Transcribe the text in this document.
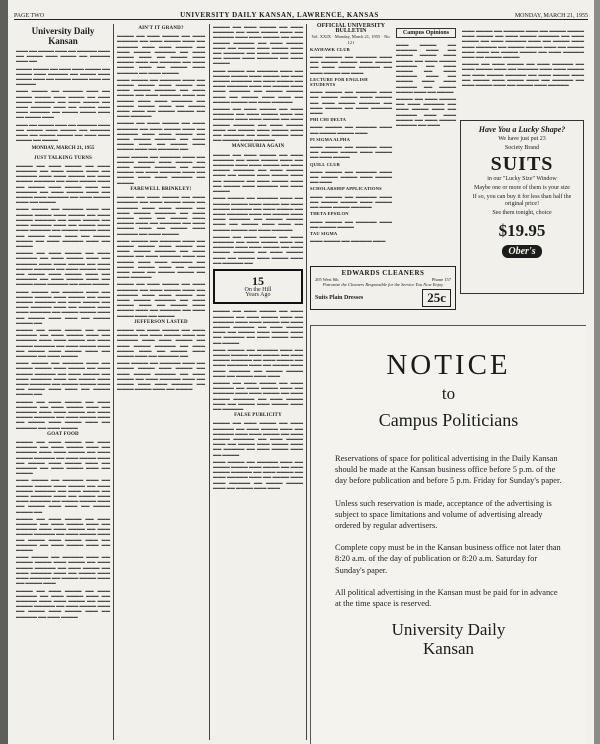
PAGE TWO	UNIVERSITY DAILY KANSAN, LAWRENCE, KANSAS	MONDAY, MARCH 21, 1955
University Daily Kansan

▬▬▬ ▬▬ ▬▬▬▬ ▬▬▬ ▬▬ ▬▬▬▬▬ ▬▬▬ ▬▬ ▬▬▬▬ ▬▬▬ ▬▬▬▬ ▬▬ ▬▬▬▬▬ ▬▬▬ ▬▬

▬▬▬▬ ▬▬▬▬ ▬▬ ▬▬▬ ▬▬▬ ▬▬▬▬ ▬▬ ▬▬▬▬ ▬▬▬ ▬▬▬▬▬ ▬▬ ▬▬▬▬ ▬▬▬ ▬▬▬▬ ▬▬▬ ▬▬ ▬▬▬▬ ▬▬▬▬ ▬▬▬ ▬▬ ▬▬▬▬▬

▬▬▬ ▬▬▬▬ ▬▬ ▬▬▬▬▬ ▬▬▬ ▬▬ ▬▬▬▬ ▬▬▬▬ ▬▬▬ ▬▬▬▬ ▬▬ ▬▬▬ ▬▬▬▬ ▬▬▬▬▬ ▬▬ ▬▬▬ ▬▬▬▬ ▬▬ ▬▬▬ ▬▬▬▬▬ ▬▬▬ ▬▬ ▬▬▬▬ ▬▬▬ ▬▬▬ ▬▬▬▬▬ ▬▬ ▬▬▬▬ ▬▬▬▬ ▬▬▬ ▬▬ ▬▬▬▬ ▬▬▬

▬▬▬ ▬▬ ▬▬▬▬ ▬▬▬ ▬▬ ▬▬▬▬▬ ▬▬▬ ▬▬ ▬▬▬▬ ▬▬▬ ▬▬▬▬ ▬▬ ▬▬▬▬▬ ▬▬▬ ▬▬ ▬▬▬▬ ▬▬▬▬ ▬▬ ▬▬▬ ▬▬▬ ▬▬▬▬ ▬▬ ▬▬▬▬

MONDAY, MARCH 21, 1955
JUST TALKING TURNS

▬▬▬▬ ▬▬ ▬▬▬ ▬▬▬▬ ▬▬ ▬▬▬ ▬▬▬▬▬ ▬▬ ▬▬▬ ▬▬▬▬ ▬▬▬ ▬▬ ▬▬▬▬▬ ▬▬▬ ▬▬▬ ▬▬▬▬ ▬▬ ▬▬▬ ▬▬▬▬ ▬▬▬▬▬ ▬▬ ▬▬▬ ▬▬▬▬ ▬▬▬ ▬▬ ▬▬▬▬ ▬▬▬ ▬▬▬▬ ▬▬▬ ▬▬ ▬▬▬▬▬ ▬▬ ▬▬▬ ▬▬▬▬ ▬▬▬ ▬▬ ▬▬▬▬ ▬▬▬ ▬▬▬▬▬ ▬▬ ▬▬▬ ▬▬▬▬ ▬▬▬ ▬▬ ▬▬▬▬

▬▬▬ ▬▬▬▬ ▬▬ ▬▬▬▬▬ ▬▬▬ ▬▬ ▬▬▬▬ ▬▬▬▬ ▬▬▬ ▬▬▬▬ ▬▬ ▬▬▬ ▬▬▬▬ ▬▬▬▬▬ ▬▬ ▬▬▬ ▬▬▬▬ ▬▬ ▬▬▬ ▬▬▬▬▬ ▬▬▬ ▬▬ ▬▬▬▬ ▬▬▬ ▬▬▬ ▬▬▬▬▬ ▬▬ ▬▬▬▬ ▬▬▬▬ ▬▬▬ ▬▬ ▬▬▬▬ ▬▬▬ ▬▬▬ ▬▬ ▬▬▬▬ ▬▬▬▬ ▬▬ ▬▬▬ ▬▬▬▬▬ ▬▬▬ ▬▬ ▬▬▬▬

▬▬▬▬ ▬▬ ▬▬▬ ▬▬▬▬ ▬▬ ▬▬▬ ▬▬▬▬▬ ▬▬ ▬▬▬ ▬▬▬▬ ▬▬▬ ▬▬ ▬▬▬▬▬ ▬▬▬ ▬▬▬ ▬▬▬▬ ▬▬ ▬▬▬ ▬▬▬▬ ▬▬▬▬▬ ▬▬ ▬▬▬ ▬▬▬▬ ▬▬▬ ▬▬ ▬▬▬▬ ▬▬▬ ▬▬▬▬ ▬▬▬ ▬▬ ▬▬▬▬▬ ▬▬ ▬▬▬ ▬▬▬▬ ▬▬▬ ▬▬ ▬▬▬▬ ▬▬▬ ▬▬▬▬▬ ▬▬ ▬▬▬ ▬▬▬▬

▬▬▬ ▬▬▬▬ ▬▬ ▬▬▬▬▬ ▬▬▬ ▬▬ ▬▬▬▬ ▬▬▬▬ ▬▬▬ ▬▬▬▬ ▬▬ ▬▬▬ ▬▬▬▬ ▬▬▬▬▬ ▬▬ ▬▬▬ ▬▬▬▬ ▬▬ ▬▬▬ ▬▬▬▬▬ ▬▬▬ ▬▬ ▬▬▬▬ ▬▬▬ ▬▬▬ ▬▬▬▬▬ ▬▬ ▬▬▬▬ ▬▬▬▬ ▬▬▬ ▬▬ ▬▬▬▬ ▬▬▬ ▬▬▬ ▬▬ ▬▬▬▬ ▬▬▬▬ ▬▬

▬▬▬▬ ▬▬ ▬▬▬ ▬▬▬▬ ▬▬ ▬▬▬ ▬▬▬▬▬ ▬▬ ▬▬▬ ▬▬▬▬ ▬▬▬ ▬▬ ▬▬▬▬▬ ▬▬▬ ▬▬▬ ▬▬▬▬ ▬▬ ▬▬▬ ▬▬▬▬ ▬▬▬▬▬ ▬▬ ▬▬▬ ▬▬▬▬ ▬▬▬ ▬▬ ▬▬▬▬ ▬▬▬ ▬▬▬▬ ▬▬▬ ▬▬ ▬▬▬▬▬ ▬▬ ▬▬▬ ▬▬▬▬

▬▬▬ ▬▬▬▬ ▬▬ ▬▬▬▬▬ ▬▬▬ ▬▬ ▬▬▬▬ ▬▬▬▬ ▬▬▬ ▬▬▬▬ ▬▬ ▬▬▬ ▬▬▬▬ ▬▬▬▬▬ ▬▬ ▬▬▬ ▬▬▬▬ ▬▬ ▬▬▬ ▬▬▬▬▬ ▬▬▬ ▬▬ ▬▬▬▬ ▬▬▬ ▬▬▬ ▬▬▬▬▬ ▬▬ ▬▬▬▬ ▬▬▬▬ ▬▬▬ ▬▬ ▬▬▬▬ ▬▬▬ ▬▬▬ ▬▬ ▬▬▬▬ ▬▬▬▬ ▬▬

▬▬▬▬ ▬▬ ▬▬▬ ▬▬▬▬ ▬▬ ▬▬▬ ▬▬▬▬▬ ▬▬ ▬▬▬ ▬▬▬▬ ▬▬▬ ▬▬ ▬▬▬▬▬ ▬▬▬ ▬▬▬ ▬▬▬▬ ▬▬ ▬▬▬ ▬▬▬▬ ▬▬▬▬▬ ▬▬ ▬▬▬ ▬▬▬▬ ▬▬▬ ▬▬ ▬▬▬▬ ▬▬▬ ▬▬▬▬ ▬▬▬ ▬▬ ▬▬▬▬▬ ▬▬ ▬▬▬ ▬▬▬▬

GOAT FOOD

▬▬▬▬ ▬▬ ▬▬▬ ▬▬▬▬ ▬▬ ▬▬▬ ▬▬▬▬▬ ▬▬ ▬▬▬ ▬▬▬▬ ▬▬▬ ▬▬ ▬▬▬▬▬ ▬▬▬ ▬▬▬ ▬▬▬▬ ▬▬ ▬▬▬ ▬▬▬▬ ▬▬▬▬▬ ▬▬ ▬▬▬ ▬▬▬▬ ▬▬▬ ▬▬ ▬▬▬▬ ▬▬▬ ▬▬▬▬ ▬▬▬ ▬▬ ▬▬▬▬▬ ▬▬ ▬▬▬ ▬▬▬▬ ▬▬▬ ▬▬ ▬▬▬▬

▬▬▬ ▬▬▬▬ ▬▬ ▬▬▬▬▬ ▬▬▬ ▬▬ ▬▬▬▬ ▬▬▬▬ ▬▬▬ ▬▬▬▬ ▬▬ ▬▬▬ ▬▬▬▬ ▬▬▬▬▬ ▬▬ ▬▬▬ ▬▬▬▬ ▬▬ ▬▬▬ ▬▬▬▬▬ ▬▬▬ ▬▬ ▬▬▬▬ ▬▬▬ ▬▬▬ ▬▬▬▬▬ ▬▬ ▬▬▬▬ ▬▬▬▬ ▬▬▬ ▬▬ ▬▬▬▬ ▬▬▬ ▬▬▬ ▬▬ ▬▬▬▬ ▬▬▬▬ ▬▬

▬▬▬▬ ▬▬ ▬▬▬ ▬▬▬▬ ▬▬ ▬▬▬ ▬▬▬▬▬ ▬▬ ▬▬▬ ▬▬▬▬ ▬▬▬ ▬▬ ▬▬▬▬▬ ▬▬▬ ▬▬▬ ▬▬▬▬ ▬▬ ▬▬▬ ▬▬▬▬ ▬▬▬▬▬ ▬▬ ▬▬▬ ▬▬▬▬ ▬▬▬ ▬▬ ▬▬▬▬ ▬▬▬ ▬▬▬▬ ▬▬▬ ▬▬ ▬▬▬▬▬ ▬▬ ▬▬▬ ▬▬▬▬ ▬▬▬ ▬▬ ▬▬▬▬

▬▬▬ ▬▬▬▬ ▬▬ ▬▬▬▬▬ ▬▬▬ ▬▬ ▬▬▬▬ ▬▬▬▬ ▬▬▬ ▬▬▬▬ ▬▬ ▬▬▬ ▬▬▬▬ ▬▬▬▬▬ ▬▬ ▬▬▬ ▬▬▬▬ ▬▬ ▬▬▬ ▬▬▬▬▬ ▬▬▬ ▬▬ ▬▬▬▬ ▬▬▬ ▬▬▬ ▬▬▬▬▬ ▬▬ ▬▬▬▬ ▬▬▬▬ ▬▬▬ ▬▬ ▬▬▬▬ ▬▬▬

▬▬▬▬ ▬▬ ▬▬▬ ▬▬▬▬ ▬▬ ▬▬▬ ▬▬▬▬▬ ▬▬ ▬▬▬ ▬▬▬▬ ▬▬▬ ▬▬ ▬▬▬▬▬ ▬▬▬ ▬▬▬ ▬▬▬▬ ▬▬ ▬▬▬ ▬▬▬▬ ▬▬▬▬▬ ▬▬ ▬▬▬ ▬▬▬▬ ▬▬▬ ▬▬ ▬▬▬▬ ▬▬▬ ▬▬▬▬ ▬▬▬ ▬▬ ▬▬▬▬▬ ▬▬ ▬▬▬ ▬▬▬▬

AIN'T IT GRAND?

▬▬▬▬ ▬▬ ▬▬▬ ▬▬▬▬ ▬▬ ▬▬▬ ▬▬▬▬▬ ▬▬ ▬▬▬ ▬▬▬▬ ▬▬▬ ▬▬ ▬▬▬▬▬ ▬▬▬ ▬▬▬ ▬▬▬▬ ▬▬ ▬▬▬ ▬▬▬▬ ▬▬▬▬▬ ▬▬ ▬▬▬ ▬▬▬▬ ▬▬▬ ▬▬ ▬▬▬▬ ▬▬▬ ▬▬▬▬ ▬▬▬ ▬▬ ▬▬▬▬▬ ▬▬ ▬▬▬ ▬▬▬▬ ▬▬▬ ▬▬ ▬▬▬▬ ▬▬▬ ▬▬▬▬▬ ▬▬ ▬▬▬ ▬▬▬▬

▬▬▬ ▬▬▬▬ ▬▬ ▬▬▬▬▬ ▬▬▬ ▬▬ ▬▬▬▬ ▬▬▬▬ ▬▬▬ ▬▬▬▬ ▬▬ ▬▬▬ ▬▬▬▬ ▬▬▬▬▬ ▬▬ ▬▬▬ ▬▬▬▬ ▬▬ ▬▬▬ ▬▬▬▬▬ ▬▬▬ ▬▬ ▬▬▬▬ ▬▬▬ ▬▬▬ ▬▬▬▬▬ ▬▬ ▬▬▬▬ ▬▬▬▬ ▬▬▬ ▬▬ ▬▬▬▬ ▬▬▬ ▬▬▬ ▬▬ ▬▬▬▬ ▬▬▬▬ ▬▬ ▬▬▬ ▬▬▬▬▬

▬▬▬▬ ▬▬ ▬▬▬ ▬▬▬▬ ▬▬ ▬▬▬ ▬▬▬▬▬ ▬▬ ▬▬▬ ▬▬▬▬ ▬▬▬ ▬▬ ▬▬▬▬▬ ▬▬▬ ▬▬▬ ▬▬▬▬ ▬▬ ▬▬▬ ▬▬▬▬ ▬▬▬▬▬ ▬▬ ▬▬▬ ▬▬▬▬ ▬▬▬ ▬▬ ▬▬▬▬ ▬▬▬ ▬▬▬▬ ▬▬▬ ▬▬ ▬▬▬▬▬ ▬▬

▬▬▬ ▬▬▬▬ ▬▬ ▬▬▬▬▬ ▬▬▬ ▬▬ ▬▬▬▬ ▬▬▬▬ ▬▬▬ ▬▬▬▬ ▬▬ ▬▬▬ ▬▬▬▬ ▬▬▬▬▬ ▬▬ ▬▬▬ ▬▬▬▬ ▬▬ ▬▬▬ ▬▬▬▬▬ ▬▬▬ ▬▬ ▬▬▬▬ ▬▬▬ ▬▬▬ ▬▬▬▬▬ ▬▬ ▬▬▬▬

FAREWELL BRINKLEY!

▬▬▬▬ ▬▬ ▬▬▬ ▬▬▬▬ ▬▬ ▬▬▬ ▬▬▬▬▬ ▬▬ ▬▬▬ ▬▬▬▬ ▬▬▬ ▬▬ ▬▬▬▬▬ ▬▬▬ ▬▬▬ ▬▬▬▬ ▬▬ ▬▬▬ ▬▬▬▬ ▬▬▬▬▬ ▬▬ ▬▬▬ ▬▬▬▬ ▬▬▬ ▬▬ ▬▬▬▬ ▬▬▬ ▬▬▬▬ ▬▬▬ ▬▬ ▬▬▬▬▬ ▬▬ ▬▬▬ ▬▬▬▬ ▬▬▬ ▬▬ ▬▬▬▬ ▬▬▬ ▬▬▬▬▬ ▬▬ ▬▬▬ ▬▬▬▬

▬▬▬ ▬▬▬▬ ▬▬ ▬▬▬▬▬ ▬▬▬ ▬▬ ▬▬▬▬ ▬▬▬▬ ▬▬▬ ▬▬▬▬ ▬▬ ▬▬▬ ▬▬▬▬ ▬▬▬▬▬ ▬▬ ▬▬▬ ▬▬▬▬ ▬▬ ▬▬▬ ▬▬▬▬▬ ▬▬▬ ▬▬ ▬▬▬▬ ▬▬▬ ▬▬▬ ▬▬▬▬▬ ▬▬ ▬▬▬▬ ▬▬▬▬ ▬▬▬ ▬▬ ▬▬▬▬ ▬▬▬ ▬▬▬ ▬▬ ▬▬▬▬ ▬▬▬▬ ▬▬ ▬▬▬ ▬▬▬▬▬

▬▬▬▬ ▬▬ ▬▬▬ ▬▬▬▬ ▬▬ ▬▬▬ ▬▬▬▬▬ ▬▬ ▬▬▬ ▬▬▬▬ ▬▬▬ ▬▬ ▬▬▬▬▬ ▬▬▬ ▬▬▬ ▬▬▬▬ ▬▬ ▬▬▬ ▬▬▬▬ ▬▬▬▬▬ ▬▬ ▬▬▬ ▬▬▬▬ ▬▬▬ ▬▬ ▬▬▬▬ ▬▬▬ ▬▬▬▬ ▬▬▬ ▬▬ ▬▬▬▬▬ ▬▬ ▬▬▬ ▬▬▬▬ ▬▬▬ ▬▬ ▬▬▬▬

JEFFERSON LASTED

▬▬▬▬ ▬▬ ▬▬▬ ▬▬▬▬ ▬▬ ▬▬▬ ▬▬▬▬▬ ▬▬ ▬▬▬ ▬▬▬▬ ▬▬▬ ▬▬ ▬▬▬▬▬ ▬▬▬ ▬▬▬ ▬▬▬▬ ▬▬ ▬▬▬ ▬▬▬▬ ▬▬▬▬▬ ▬▬ ▬▬▬ ▬▬▬▬ ▬▬▬ ▬▬ ▬▬▬▬ ▬▬▬ ▬▬▬▬ ▬▬▬ ▬▬ ▬▬▬▬▬ ▬▬

▬▬▬ ▬▬▬▬ ▬▬ ▬▬▬▬▬ ▬▬▬ ▬▬ ▬▬▬▬ ▬▬▬▬ ▬▬▬ ▬▬▬▬ ▬▬ ▬▬▬ ▬▬▬▬ ▬▬▬▬▬ ▬▬ ▬▬▬ ▬▬▬▬ ▬▬ ▬▬▬ ▬▬▬▬▬ ▬▬▬ ▬▬ ▬▬▬▬ ▬▬▬ ▬▬▬ ▬▬▬▬▬ ▬▬ ▬▬▬▬ ▬▬▬▬ ▬▬▬ ▬▬ ▬▬▬▬

▬▬▬▬ ▬▬ ▬▬▬ ▬▬▬▬ ▬▬ ▬▬▬ ▬▬▬▬▬ ▬▬ ▬▬▬ ▬▬▬▬ ▬▬▬ ▬▬ ▬▬▬▬▬ ▬▬▬ ▬▬▬ ▬▬▬▬ ▬▬ ▬▬▬ ▬▬▬▬ ▬▬▬▬▬ ▬▬ ▬▬▬ ▬▬▬▬ ▬▬▬ ▬▬ ▬▬▬▬ ▬▬▬ ▬▬▬▬ ▬▬▬ ▬▬ ▬▬▬▬▬ ▬▬ ▬▬▬ ▬▬▬▬ ▬▬▬ ▬▬ ▬▬▬▬ ▬▬▬ ▬▬▬▬▬ ▬▬ ▬▬▬ ▬▬▬▬

▬▬▬ ▬▬▬▬ ▬▬ ▬▬▬▬▬ ▬▬▬ ▬▬ ▬▬▬▬ ▬▬▬▬ ▬▬▬ ▬▬▬▬ ▬▬ ▬▬▬ ▬▬▬▬ ▬▬▬▬▬ ▬▬ ▬▬▬ ▬▬▬▬ ▬▬ ▬▬▬ ▬▬▬▬▬ ▬▬▬ ▬▬ ▬▬▬▬ ▬▬▬ ▬▬▬ ▬▬▬▬▬ ▬▬ ▬▬▬▬ ▬▬▬▬ ▬▬▬ ▬▬ ▬▬▬▬ ▬▬▬ ▬▬▬ ▬▬ ▬▬▬▬ ▬▬▬▬ ▬▬ ▬▬▬ ▬▬▬▬▬

▬▬▬▬ ▬▬ ▬▬▬ ▬▬▬▬ ▬▬ ▬▬▬ ▬▬▬▬▬ ▬▬ ▬▬▬ ▬▬▬▬ ▬▬▬ ▬▬ ▬▬▬▬▬ ▬▬▬ ▬▬▬ ▬▬▬▬ ▬▬ ▬▬▬ ▬▬▬▬ ▬▬▬▬▬ ▬▬ ▬▬▬ ▬▬▬▬ ▬▬▬ ▬▬ ▬▬▬▬ ▬▬▬ ▬▬▬▬ ▬▬▬ ▬▬ ▬▬▬▬▬ ▬▬ ▬▬▬ ▬▬▬▬ ▬▬▬ ▬▬ ▬▬▬▬ ▬▬▬ ▬▬▬▬▬

MANCHURIA AGAIN

▬▬▬▬ ▬▬ ▬▬▬ ▬▬▬▬ ▬▬ ▬▬▬ ▬▬▬▬▬ ▬▬ ▬▬▬ ▬▬▬▬ ▬▬▬ ▬▬ ▬▬▬▬▬ ▬▬▬ ▬▬▬ ▬▬▬▬ ▬▬ ▬▬▬ ▬▬▬▬ ▬▬▬▬▬ ▬▬ ▬▬▬ ▬▬▬▬ ▬▬▬ ▬▬ ▬▬▬▬ ▬▬▬ ▬▬▬▬ ▬▬▬ ▬▬ ▬▬▬▬▬ ▬▬ ▬▬▬ ▬▬▬▬ ▬▬▬ ▬▬ ▬▬▬▬ ▬▬▬ ▬▬▬▬▬ ▬▬ ▬▬▬ ▬▬▬▬

▬▬▬ ▬▬▬▬ ▬▬ ▬▬▬▬▬ ▬▬▬ ▬▬ ▬▬▬▬ ▬▬▬▬ ▬▬▬ ▬▬▬▬ ▬▬ ▬▬▬ ▬▬▬▬ ▬▬▬▬▬ ▬▬ ▬▬▬ ▬▬▬▬ ▬▬ ▬▬▬ ▬▬▬▬▬ ▬▬▬ ▬▬ ▬▬▬▬ ▬▬▬ ▬▬▬ ▬▬▬▬▬ ▬▬ ▬▬▬▬ ▬▬▬▬ ▬▬▬ ▬▬ ▬▬▬▬ ▬▬▬ ▬▬▬ ▬▬ ▬▬▬▬ ▬▬▬▬ ▬▬ ▬▬▬ ▬▬▬▬▬

▬▬▬▬ ▬▬ ▬▬▬ ▬▬▬▬ ▬▬ ▬▬▬ ▬▬▬▬▬ ▬▬ ▬▬▬ ▬▬▬▬ ▬▬▬ ▬▬ ▬▬▬▬▬ ▬▬▬ ▬▬▬ ▬▬▬▬ ▬▬ ▬▬▬ ▬▬▬▬ ▬▬▬▬▬ ▬▬ ▬▬▬ ▬▬▬▬ ▬▬▬ ▬▬ ▬▬▬▬ ▬▬▬ ▬▬▬▬ ▬▬▬ ▬▬ ▬▬▬▬▬ ▬▬

15
On the Hill
Years Ago

▬▬▬▬ ▬▬ ▬▬▬ ▬▬▬▬ ▬▬ ▬▬▬ ▬▬▬▬▬ ▬▬ ▬▬▬ ▬▬▬▬ ▬▬▬ ▬▬ ▬▬▬▬▬ ▬▬▬ ▬▬▬ ▬▬▬▬ ▬▬ ▬▬▬ ▬▬▬▬ ▬▬▬▬▬ ▬▬ ▬▬▬ ▬▬▬▬ ▬▬▬ ▬▬ ▬▬▬▬ ▬▬▬ ▬▬▬▬ ▬▬▬ ▬▬ ▬▬▬▬▬ ▬▬ ▬▬▬ ▬▬▬▬ ▬▬▬ ▬▬ ▬▬▬▬

▬▬▬ ▬▬▬▬ ▬▬ ▬▬▬▬▬ ▬▬▬ ▬▬ ▬▬▬▬ ▬▬▬▬ ▬▬▬ ▬▬▬▬ ▬▬ ▬▬▬ ▬▬▬▬ ▬▬▬▬▬ ▬▬ ▬▬▬ ▬▬▬▬ ▬▬ ▬▬▬ ▬▬▬▬▬ ▬▬▬ ▬▬ ▬▬▬▬ ▬▬▬ ▬▬▬ ▬▬▬▬▬ ▬▬ ▬▬▬▬ ▬▬▬▬ ▬▬▬ ▬▬ ▬▬▬▬ ▬▬▬ ▬▬▬

▬▬▬▬ ▬▬ ▬▬▬ ▬▬▬▬ ▬▬ ▬▬▬ ▬▬▬▬▬ ▬▬ ▬▬▬ ▬▬▬▬ ▬▬▬ ▬▬ ▬▬▬▬▬ ▬▬▬ ▬▬▬ ▬▬▬▬ ▬▬ ▬▬▬ ▬▬▬▬ ▬▬▬▬▬ ▬▬ ▬▬▬ ▬▬▬▬ ▬▬▬ ▬▬ ▬▬▬▬ ▬▬▬ ▬▬▬▬ ▬▬▬ ▬▬ ▬▬▬▬▬

FALSE PUBLICITY

▬▬▬▬ ▬▬ ▬▬▬ ▬▬▬▬ ▬▬ ▬▬▬ ▬▬▬▬▬ ▬▬ ▬▬▬ ▬▬▬▬ ▬▬▬ ▬▬ ▬▬▬▬▬ ▬▬▬ ▬▬▬ ▬▬▬▬ ▬▬ ▬▬▬ ▬▬▬▬ ▬▬▬▬▬ ▬▬ ▬▬▬ ▬▬▬▬ ▬▬▬ ▬▬ ▬▬▬▬ ▬▬▬ ▬▬▬▬ ▬▬▬ ▬▬ ▬▬▬▬▬ ▬▬ ▬▬▬ ▬▬▬▬ ▬▬▬ ▬▬ ▬▬▬▬

▬▬▬ ▬▬▬▬ ▬▬ ▬▬▬▬▬ ▬▬▬ ▬▬ ▬▬▬▬ ▬▬▬▬ ▬▬▬ ▬▬▬▬ ▬▬ ▬▬▬ ▬▬▬▬ ▬▬▬▬▬ ▬▬ ▬▬▬ ▬▬▬▬ ▬▬ ▬▬▬ ▬▬▬▬▬ ▬▬▬ ▬▬ ▬▬▬▬ ▬▬▬ ▬▬▬ ▬▬▬▬▬ ▬▬ ▬▬▬▬ ▬▬▬▬ ▬▬▬ ▬▬ ▬▬▬▬ ▬▬▬ ▬▬▬

OFFICIAL UNIVERSITY BULLETIN
Vol. XXIX · Monday, March 21, 1955 · No. 121
KAYHAWK CLUB

▬▬▬ ▬▬▬▬ ▬▬ ▬▬▬▬▬ ▬▬▬ ▬▬ ▬▬▬▬ ▬▬▬▬ ▬▬▬ ▬▬▬▬ ▬▬ ▬▬▬ ▬▬▬▬ ▬▬▬▬▬ ▬▬ ▬▬▬ ▬▬▬▬ ▬▬ ▬▬▬

LECTURE FOR ENGLISH STUDENTS

▬▬▬ ▬▬▬▬ ▬▬ ▬▬▬▬▬ ▬▬▬ ▬▬ ▬▬▬▬ ▬▬▬▬ ▬▬▬ ▬▬▬▬ ▬▬ ▬▬▬ ▬▬▬▬ ▬▬▬▬▬ ▬▬ ▬▬▬ ▬▬▬▬ ▬▬ ▬▬▬ ▬▬▬▬▬ ▬▬▬

PHI CHI DELTA

▬▬▬ ▬▬▬▬ ▬▬ ▬▬▬▬▬ ▬▬▬ ▬▬ ▬▬▬▬ ▬▬▬▬ ▬▬▬

PI SIGMA ALPHA

▬▬▬ ▬▬▬▬ ▬▬ ▬▬▬▬▬ ▬▬▬ ▬▬ ▬▬▬▬ ▬▬▬▬ ▬▬▬ ▬▬▬▬ ▬▬ ▬▬▬ ▬▬▬▬

QUILL CLUB

▬▬▬ ▬▬▬▬ ▬▬ ▬▬▬▬▬ ▬▬▬ ▬▬ ▬▬▬▬ ▬▬▬▬ ▬▬▬ ▬▬▬▬ ▬▬ ▬▬▬

SCHOLARSHIP APPLICATIONS

▬▬▬ ▬▬▬▬ ▬▬ ▬▬▬▬▬ ▬▬▬ ▬▬ ▬▬▬▬ ▬▬▬▬ ▬▬▬ ▬▬▬▬ ▬▬ ▬▬▬ ▬▬▬▬ ▬▬▬▬▬

THETA EPSILON

▬▬▬ ▬▬▬▬ ▬▬ ▬▬▬▬▬ ▬▬▬ ▬▬ ▬▬▬▬ ▬▬▬▬

TAU SIGMA

▬▬▬ ▬▬▬▬ ▬▬ ▬▬▬▬▬ ▬▬▬

Campus Opinions

▬▬▬ ▬▬▬▬ ▬▬ ▬▬▬▬▬ ▬▬▬ ▬▬ ▬▬▬▬ ▬▬▬▬ ▬▬▬ ▬▬▬▬ ▬▬ ▬▬▬ ▬▬▬▬ ▬▬▬▬▬ ▬▬ ▬▬▬ ▬▬▬▬ ▬▬ ▬▬▬ ▬▬▬▬▬ ▬▬▬ ▬▬ ▬▬▬▬ ▬▬▬ ▬▬▬ ▬▬▬▬▬ ▬▬ ▬▬▬▬ ▬▬▬▬ ▬▬▬ ▬▬ ▬▬▬▬

▬▬▬▬ ▬▬ ▬▬▬ ▬▬▬▬ ▬▬ ▬▬▬ ▬▬▬▬▬ ▬▬ ▬▬▬ ▬▬▬▬ ▬▬▬ ▬▬ ▬▬▬▬▬ ▬▬▬ ▬▬▬ ▬▬▬▬ ▬▬ ▬▬▬ ▬▬▬▬ ▬▬▬▬▬ ▬▬ ▬▬▬

▬▬▬ ▬▬▬▬ ▬▬ ▬▬▬▬▬ ▬▬▬ ▬▬ ▬▬▬▬ ▬▬▬▬ ▬▬▬ ▬▬▬▬ ▬▬ ▬▬▬ ▬▬▬▬ ▬▬▬▬▬ ▬▬ ▬▬▬ ▬▬▬▬ ▬▬ ▬▬▬ ▬▬▬▬▬ ▬▬▬ ▬▬ ▬▬▬▬ ▬▬▬ ▬▬▬ ▬▬▬▬▬ ▬▬ ▬▬▬▬ ▬▬▬▬ ▬▬▬ ▬▬ ▬▬▬▬ ▬▬▬ ▬▬▬ ▬▬ ▬▬▬▬ ▬▬▬▬ ▬▬ ▬▬▬ ▬▬▬▬▬ ▬▬▬ ▬▬ ▬▬▬▬ ▬▬▬▬

▬▬▬▬ ▬▬ ▬▬▬ ▬▬▬▬ ▬▬ ▬▬▬ ▬▬▬▬▬ ▬▬ ▬▬▬ ▬▬▬▬ ▬▬▬ ▬▬ ▬▬▬▬▬ ▬▬▬ ▬▬▬ ▬▬▬▬ ▬▬ ▬▬▬ ▬▬▬▬ ▬▬▬▬▬ ▬▬ ▬▬▬ ▬▬▬▬ ▬▬▬ ▬▬ ▬▬▬▬ ▬▬▬ ▬▬▬▬ ▬▬▬ ▬▬ ▬▬▬▬▬ ▬▬ ▬▬▬ ▬▬▬▬ ▬▬▬ ▬▬ ▬▬▬▬ ▬▬▬ ▬▬▬▬▬

EDWARDS CLEANERS
205 West 8th	Phone 157
Patronize the Cleaners Responsible for the Service You Now Enjoy
Suits Plain Dresses	25c
Have You a Lucky Shape?
We have just put 23
Society Brand
SUITS
in our "Lucky Size" Window
Maybe one or more of them is your size
If so, you can buy it for less than half the original price!
See them tonight, choice
$19.95
Ober's
NOTICE
to
Campus Politicians

Reservations of space for political advertising in the Daily Kansan should be made at the Kansan business office before 5 p.m. of the day before publication and before 5 p.m. Friday for Sunday's paper.

Unless such reservation is made, acceptance of the advertising is subject to space limitations and volume of advertising already ordered by regular advertisers.

Complete copy must be in the Kansan business office not later than 8:20 a.m. of the day of publication or 8:20 a.m. Saturday for Sunday's paper.

All political advertising in the Kansan must be paid for in advance at the time space is reserved.

University Daily
Kansan
